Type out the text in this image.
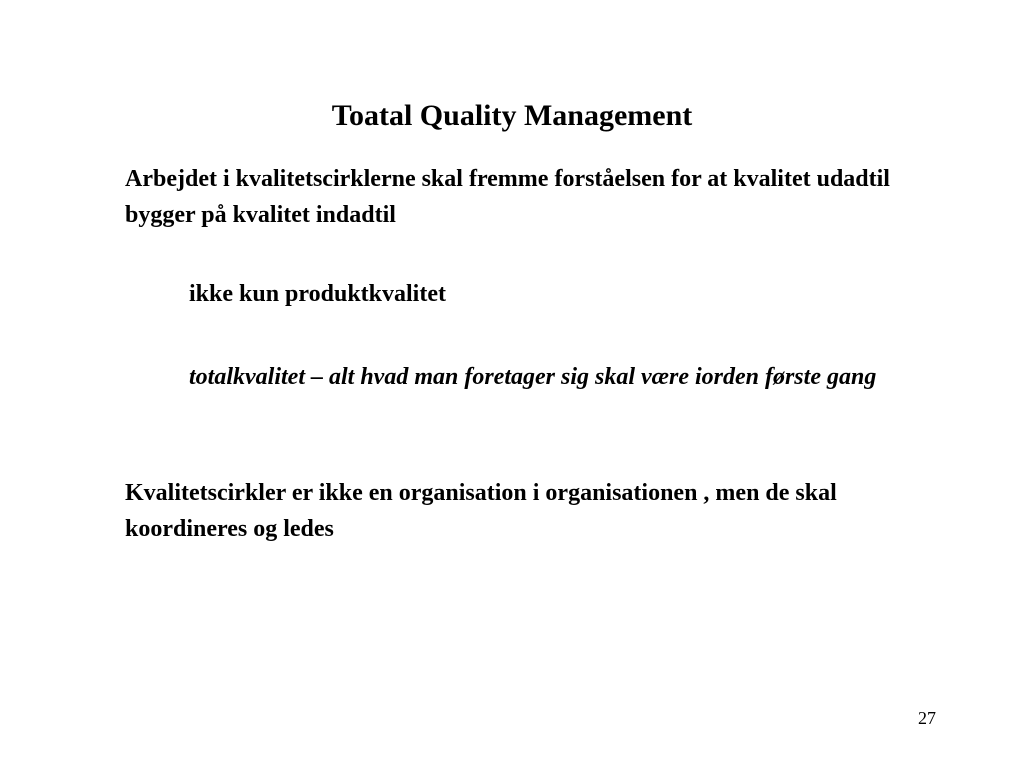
Toatal Quality Management

Arbejdet i kvalitetscirklerne skal fremme forståelsen for at kvalitet udadtil bygger på kvalitet indadtil

ikke kun produktkvalitet

totalkvalitet – alt hvad man foretager sig skal være iorden første gang

Kvalitetscirkler er ikke en organisation i organisationen , men de skal koordineres og ledes

27
